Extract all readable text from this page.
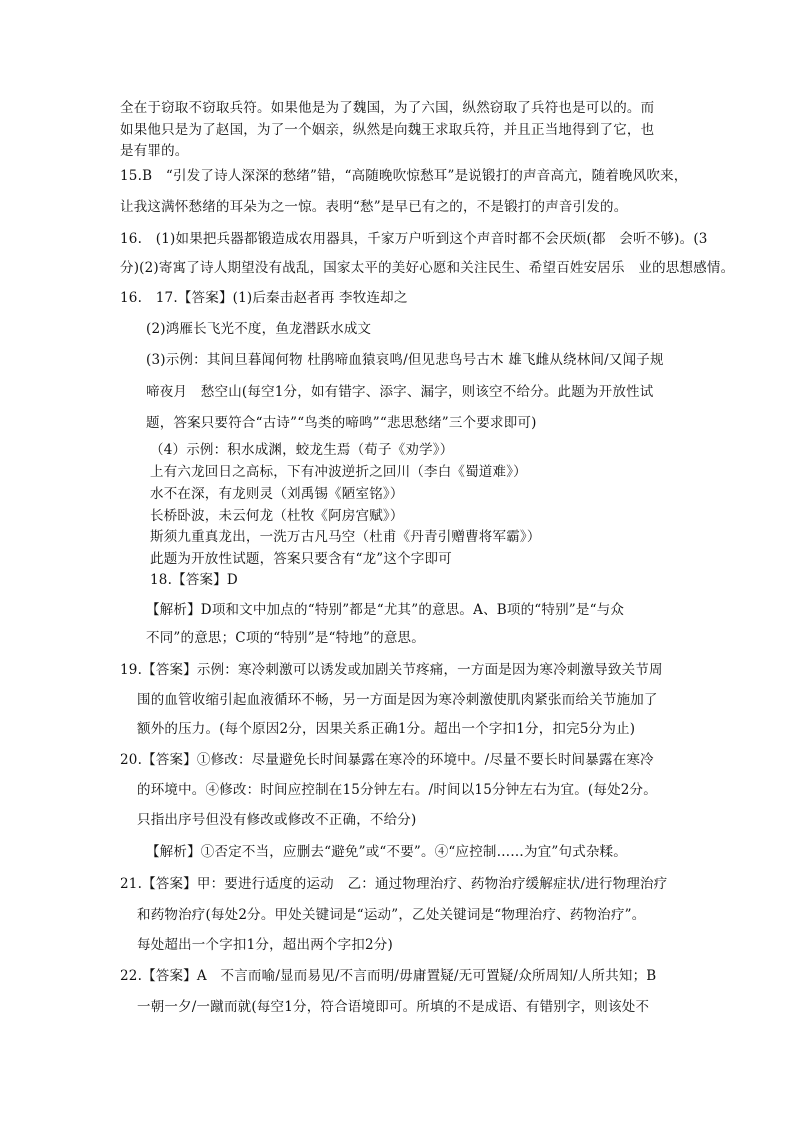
全在于窃取不窃取兵符。如果他是为了魏国，为了六国，纵然窃取了兵符也是可以的。而
如果他只是为了赵国，为了一个姻亲，纵然是向魏王求取兵符，并且正当地得到了它，也
是有罪的。
15.B　“引发了诗人深深的愁绪”错，“高随晚吹惊愁耳”是说锻打的声音高亢，随着晚风吹来，
让我这满怀愁绪的耳朵为之一惊。表明“愁”是早已有之的，不是锻打的声音引发的。
16.　(1)如果把兵器都锻造成农用器具，千家万户听到这个声音时都不会厌烦(都　会听不够)。(3
分)(2)寄寓了诗人期望没有战乱，国家太平的美好心愿和关注民生、希望百姓安居乐　业的思想感情。
16.　17.【答案】(1)后秦击赵者再 李牧连却之
(2)鸿雁长飞光不度，鱼龙潜跃水成文
(3)示例：其间旦暮闻何物 杜鹃啼血猿哀鸣/但见悲鸟号古木 雄飞雌从绕林间/又闻子规
啼夜月　愁空山(每空1分，如有错字、添字、漏字，则该空不给分。此题为开放性试
题，答案只要符合“古诗”“鸟类的啼鸣”“悲思愁绪”三个要求即可)
（4）示例：积水成渊，蛟龙生焉（荀子《劝学》）
上有六龙回日之高标，下有冲波逆折之回川（李白《蜀道难》）
水不在深，有龙则灵（刘禹锡《陋室铭》）
长桥卧波，未云何龙（杜牧《阿房宫赋》）
斯须九重真龙出，一洗万古凡马空（杜甫《丹青引赠曹将军霸》）
此题为开放性试题，答案只要含有“龙”这个字即可
18.【答案】D
【解析】D项和文中加点的“特别”都是“尤其”的意思。A、B项的“特别”是“与众
不同”的意思；C项的“特别”是“特地”的意思。
19.【答案】示例：寒冷刺激可以诱发或加剧关节疼痛，一方面是因为寒冷刺激导致关节周
围的血管收缩引起血液循环不畅，另一方面是因为寒冷刺激使肌肉紧张而给关节施加了
额外的压力。(每个原因2分，因果关系正确1分。超出一个字扣1分，扣完5分为止)
20.【答案】①修改：尽量避免长时间暴露在寒冷的环境中。/尽量不要长时间暴露在寒冷
的环境中。④修改：时间应控制在15分钟左右。/时间以15分钟左右为宜。(每处2分。
只指出序号但没有修改或修改不正确，不给分)
【解析】①否定不当，应删去“避免”或“不要”。④“应控制……为宜”句式杂糅。
21.【答案】甲：要进行适度的运动　乙：通过物理治疗、药物治疗缓解症状/进行物理治疗
和药物治疗(每处2分。甲处关键词是“运动”，乙处关键词是“物理治疗、药物治疗”。
每处超出一个字扣1分，超出两个字扣2分)
22.【答案】A　不言而喻/显而易见/不言而明/毋庸置疑/无可置疑/众所周知/人所共知；B
一朝一夕/一蹴而就(每空1分，符合语境即可。所填的不是成语、有错别字，则该处不
